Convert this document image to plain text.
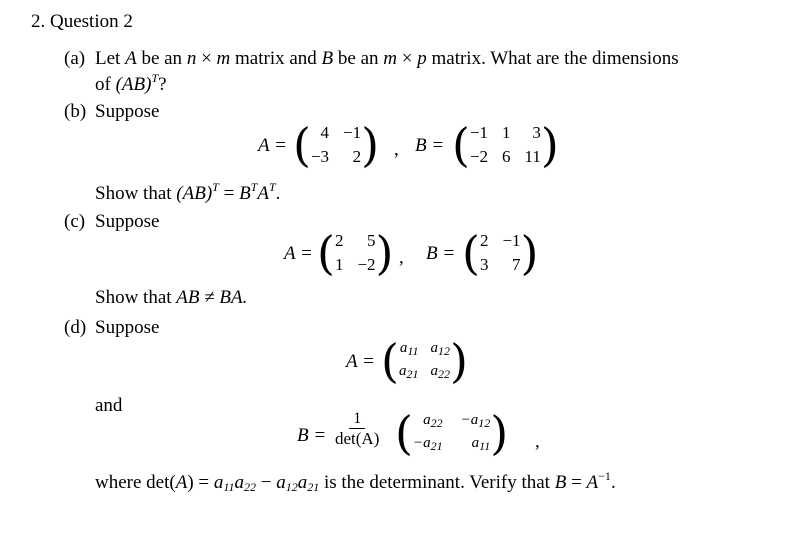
2. Question 2
(a) Let A be an n × m matrix and B be an m × p matrix. What are the dimensions
of (AB)$^T$?
(b) Suppose
A = ( 4 −1
−3	2 ) , B = ( −1 1	3
−2 6 11 )
Show that $(AB)^T = B^TA^T$.
(c) Suppose
A = ( 2	5
1 −2 ) , B = ( 2 −1
3	7 )
Show that AB ≠ BA.
(d) Suppose
A = ( $a_{11}$ $a_{12}$
$a_{21}$ $a_{22}$ )
and
$B = \frac{1}{\det(A)}$ ( $a_{22} -a_{12}$
$-a_{21}$	$a_{11}$ ) ,
where $\det(A) = a_{11}a_{22} - a_{12}a_{21}$ is the determinant. Verify that $B = A^{-1}$.
